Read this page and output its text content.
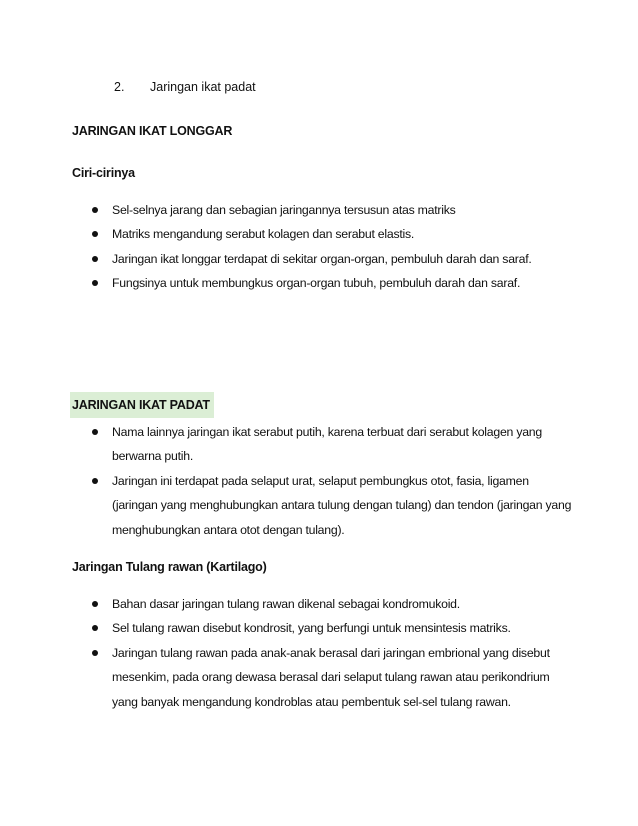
2. Jaringan ikat padat
JARINGAN IKAT LONGGAR
Ciri-cirinya
Sel-selnya jarang dan sebagian jaringannya tersusun atas matriks
Matriks mengandung serabut kolagen dan serabut elastis.
Jaringan ikat longgar terdapat di sekitar organ-organ, pembuluh darah dan saraf.
Fungsinya untuk membungkus organ-organ tubuh, pembuluh darah dan saraf.
JARINGAN IKAT PADAT
Nama lainnya jaringan ikat serabut putih, karena terbuat dari serabut kolagen yang berwarna putih.
Jaringan ini terdapat pada selaput urat, selaput pembungkus otot, fasia, ligamen (jaringan yang menghubungkan antara tulung dengan tulang) dan tendon (jaringan yang menghubungkan antara otot dengan tulang).
Jaringan Tulang rawan (Kartilago)
Bahan dasar jaringan tulang rawan dikenal sebagai kondromukoid.
Sel tulang rawan disebut kondrosit, yang berfungi untuk mensintesis matriks.
Jaringan tulang rawan pada anak-anak berasal dari jaringan embrional yang disebut mesenkim, pada orang dewasa berasal dari selaput tulang rawan atau perikondrium yang banyak mengandung kondroblas atau pembentuk sel-sel tulang rawan.
